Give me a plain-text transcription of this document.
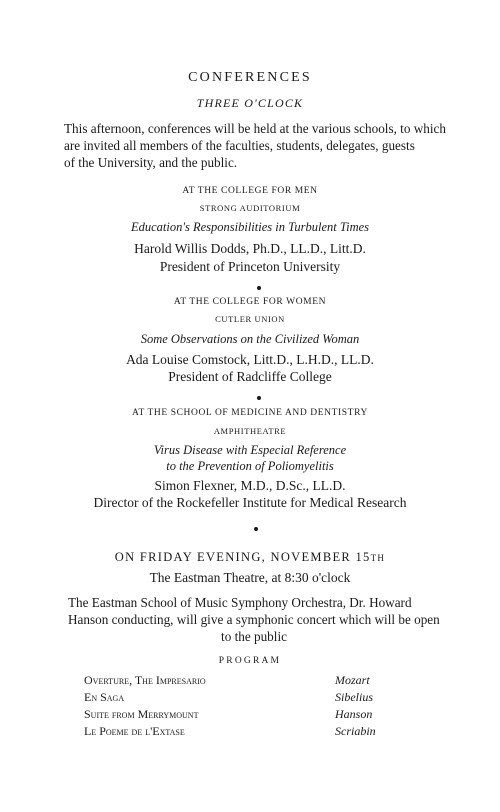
CONFERENCES
THREE O'CLOCK
This afternoon, conferences will be held at the various schools, to which
are invited all members of the faculties, students, delegates, guests
of the University, and the public.
AT THE COLLEGE FOR MEN
STRONG AUDITORIUM
Education's Responsibilities in Turbulent Times
Harold Willis Dodds, Ph.D., LL.D., Litt.D.
President of Princeton University
AT THE COLLEGE FOR WOMEN
CUTLER UNION
Some Observations on the Civilized Woman
Ada Louise Comstock, Litt.D., L.H.D., LL.D.
President of Radcliffe College
AT THE SCHOOL OF MEDICINE AND DENTISTRY
AMPHITHEATRE
Virus Disease with Especial Reference
to the Prevention of Poliomyelitis
Simon Flexner, M.D., D.Sc., LL.D.
Director of the Rockefeller Institute for Medical Research
ON FRIDAY EVENING, NOVEMBER 15TH
The Eastman Theatre, at 8:30 o'clock
The Eastman School of Music Symphony Orchestra, Dr. Howard
Hanson conducting, will give a symphonic concert which will be open
to the public
PROGRAM
Overture, The Impresario	Mozart
En Saga	Sibelius
Suite from Merrymount	Hanson
Le Poeme de l'Extase	Scriabin
